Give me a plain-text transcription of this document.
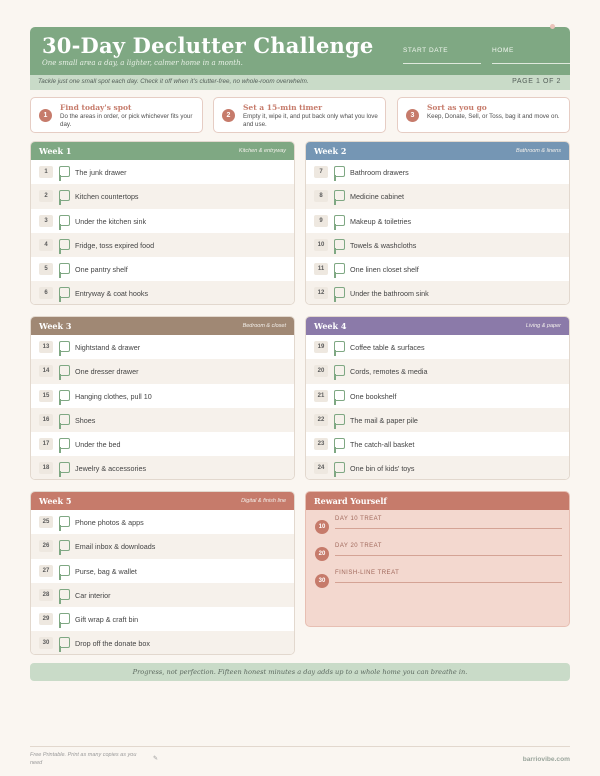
30-Day Declutter Challenge
One small area a day, a lighter, calmer home in a month.
START DATE	HOME
Tackle just one small spot each day. Check it off when it's clutter-free, no whole-room overwhelm.	PAGE 1 OF 2
1
Find today's spot
Do the areas in order, or pick whichever fits your day.
2
Set a 15-min timer
Empty it, wipe it, and put back only what you love and use.
3
Sort as you go
Keep, Donate, Sell, or Toss, bag it and move on.
Week 1	Kitchen & entryway
1	The junk drawer
2	Kitchen countertops
3	Under the kitchen sink
4	Fridge, toss expired food
5	One pantry shelf
6	Entryway & coat hooks
Week 2	Bathroom & linens
7	Bathroom drawers
8	Medicine cabinet
9	Makeup & toiletries
10	Towels & washcloths
11	One linen closet shelf
12	Under the bathroom sink
Week 3	Bedroom & closet
13	Nightstand & drawer
14	One dresser drawer
15	Hanging clothes, pull 10
16	Shoes
17	Under the bed
18	Jewelry & accessories
Week 4	Living & paper
19	Coffee table & surfaces
20	Cords, remotes & media
21	One bookshelf
22	The mail & paper pile
23	The catch-all basket
24	One bin of kids' toys
Week 5	Digital & finish line
25	Phone photos & apps
26	Email inbox & downloads
27	Purse, bag & wallet
28	Car interior
29	Gift wrap & craft bin
30	Drop off the donate box
Reward Yourself
10
DAY 10 TREAT
20
DAY 20 TREAT
30
FINISH-LINE TREAT
Progress, not perfection. Fifteen honest minutes a day adds up to a whole home you can breathe in.
Free Printable. Print as many copies as you need
✎	barriovibe.com
